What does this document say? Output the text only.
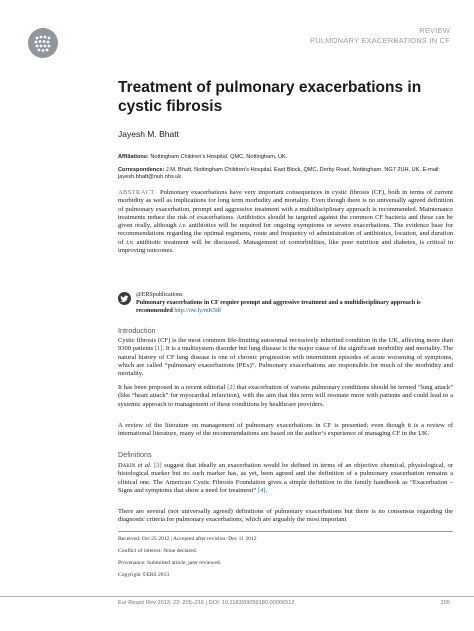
REVIEW
PULMONARY EXACERBATIONS IN CF
Treatment of pulmonary exacerbations in cystic fibrosis
Jayesh M. Bhatt
Affiliations: Nottingham Children’s Hospital, QMC, Nottingham, UK.
Correspondence: J.M. Bhatt, Nottingham Children’s Hospital, East Block, QMC, Derby Road, Nottingham, NG7 2UH, UK. E-mail: jayesh.bhatt@nuh.nhs.uk

ABSTRACT Pulmonary exacerbations have very important consequences in cystic fibrosis (CF), both in terms of current morbidity as well as implications for long term morbidity and mortality. Even though there is no universally agreed definition of pulmonary exacerbation, prompt and aggressive treatment with a multidisciplinary approach is recommended. Maintenance treatments reduce the risk of exacerbations. Antibiotics should be targeted against the common CF bacteria and these can be given orally, although i.v. antibiotics will be required for ongoing symptoms or severe exacerbations. The evidence base for recommendations regarding the optimal regimens, route and frequency of administration of antibiotics, location, and duration of i.v. antibiotic treatment will be discussed. Management of comorbidities, like poor nutrition and diabetes, is critical in improving outcomes.

@ERSpublications
Pulmonary exacerbations in CF require prompt and aggressive treatment and a multidisciplinary approach is recommended http://ow.ly/mK5df
Introduction

Cystic fibrosis (CF) is the most common life-limiting autosomal recessively inherited condition in the UK, affecting more than 9300 patients [1]. It is a multisystem disorder but lung disease is the major cause of the significant morbidity and mortality. The natural history of CF lung disease is one of chronic progression with intermittent episodes of acute worsening of symptoms, which are called “pulmonary exacerbations (PEx)”. Pulmonary exacerbations are responsible for much of the morbidity and mortality.

It has been proposed in a recent editorial [2] that exacerbation of various pulmonary conditions should be termed “lung attack” (like “heart attack” for myocardial infarction), with the aim that this term will resonate more with patients and could lead to a systemic approach to management of these conditions by healthcare providers.

A review of the literature on management of pulmonary exacerbations in CF is presented; even though it is a review of international literature, many of the recommendations are based on the author’s experience of managing CF in the UK.

Definitions

Dakin et al. [3] suggest that ideally an exacerbation would be defined in terms of an objective chemical, physiological, or histological marker but no such marker has, as yet, been agreed and the definition of a pulmonary exacerbation remains a clinical one. The American Cystic Fibrosis Foundation gives a simple definition in the family handbook as “Exacerbation – Signs and symptoms that show a need for treatment” [4].

There are several (not universally agreed) definitions of pulmonary exacerbations but there is no consensus regarding the diagnostic criteria for pulmonary exacerbations, which are arguably the most important

Received: Oct 25 2012 | Accepted after revision: Dec 11 2012
Conflict of interest: None declared.
Provenance: Submitted article, peer reviewed.
Copyright ©ERS 2013
Eur Respir Rev 2013; 22: 205–216 | DOI: 10.1183/09059180.00006512	205
